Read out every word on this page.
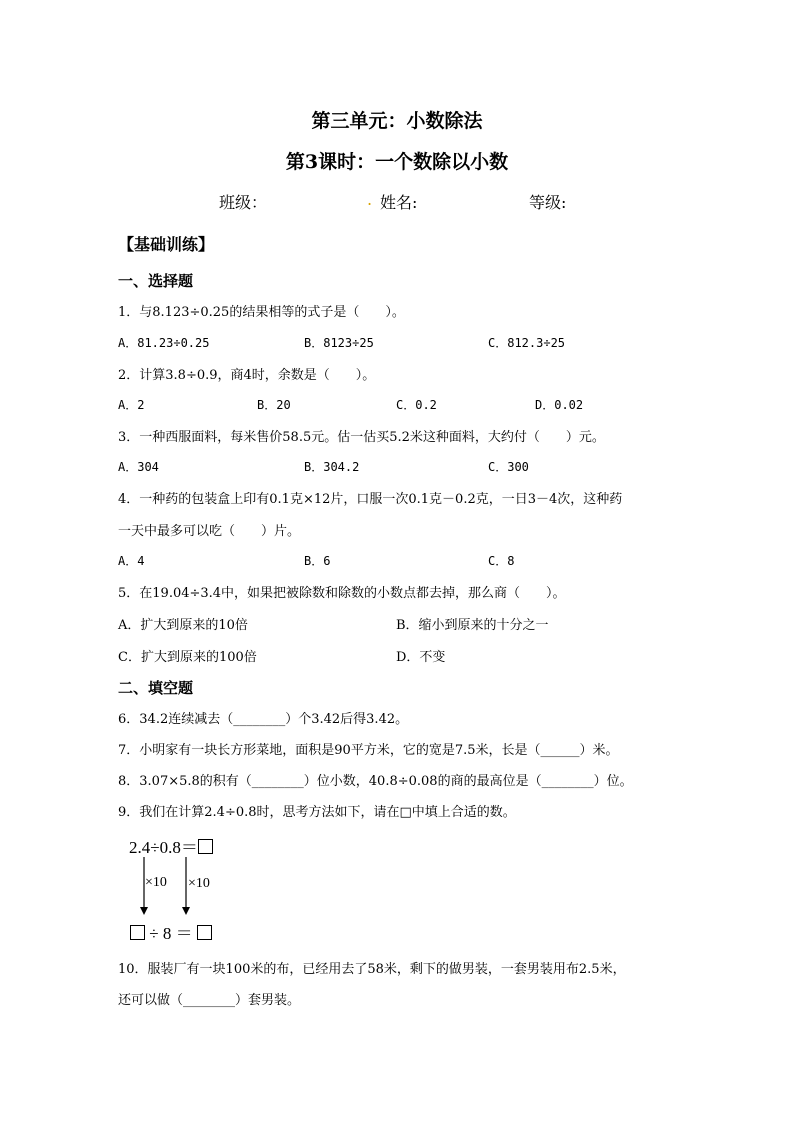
第三单元：小数除法
第3课时：一个数除以小数
班级：	. 姓名:	等级:
【基础训练】
一、选择题
1．与8.123÷0.25的结果相等的式子是（　　）。
A．81.23÷0.25	B．8123÷25	C．812.3÷25
2．计算3.8÷0.9，商4时，余数是（　　）。
A．2	B．20	C．0.2	D．0.02
3．一种西服面料，每米售价58.5元。估一估买5.2米这种面料，大约付（　　）元。
A．304	B．304.2	C．300
4．一种药的包装盒上印有0.1克×12片，口服一次0.1克－0.2克，一日3－4次，这种药
一天中最多可以吃（　　）片。
A．4	B．6	C．8
5．在19.04÷3.4中，如果把被除数和除数的小数点都去掉，那么商（　　）。
A．扩大到原来的10倍	B．缩小到原来的十分之一
C．扩大到原来的100倍	D．不变
二、填空题
6．34.2连续减去（________）个3.42后得3.42。
7．小明家有一块长方形菜地，面积是90平方米，它的宽是7.5米，长是（______）米。
8．3.07×5.8的积有（________）位小数，40.8÷0.08的商的最高位是（________）位。
9．我们在计算2.4÷0.8时，思考方法如下，请在□中填上合适的数。
2.4÷0.8＝
×10 ×10
÷ 8 ＝
10．服装厂有一块100米的布，已经用去了58米，剩下的做男装，一套男装用布2.5米，
还可以做（________）套男装。
